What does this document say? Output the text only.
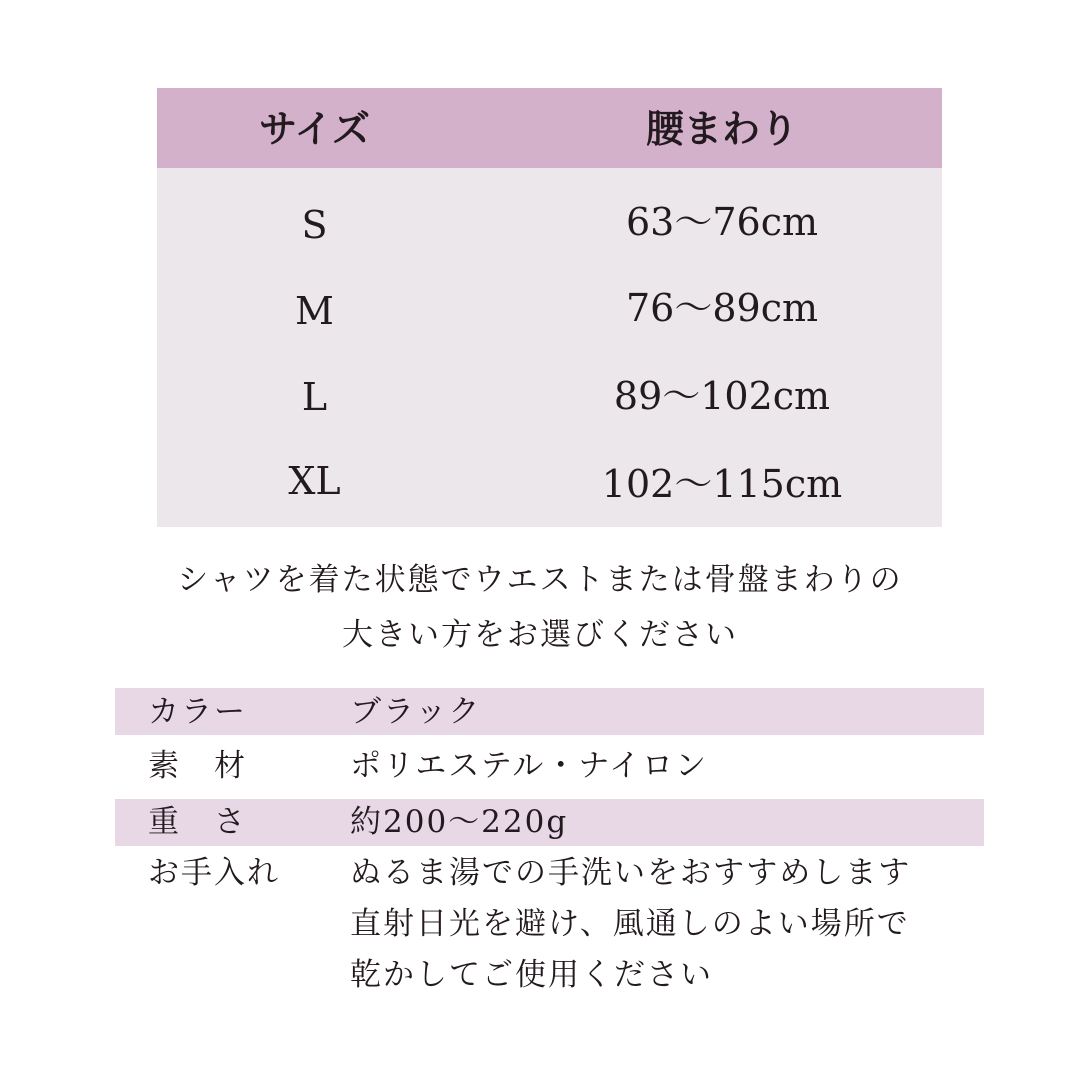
サイズ	腰まわり
S	63〜76cm
M	76〜89cm
L	89〜102cm
XL	102〜115cm
シャツを着た状態でウエストまたは骨盤まわりの
大きい方をお選びください
カラー	ブラック
素　材	ポリエステル・ナイロン
重　さ	約200〜220g
お手入れ ぬるま湯での手洗いをおすすめします
直射日光を避け、風通しのよい場所で
乾かしてご使用ください
